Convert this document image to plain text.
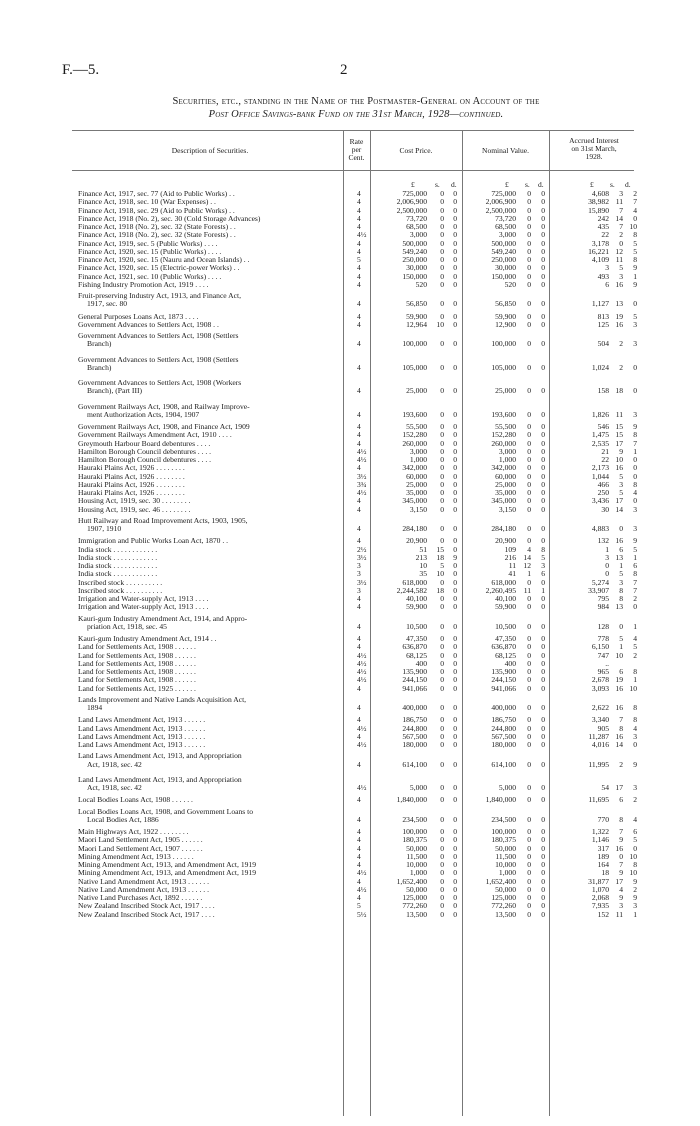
F.—5.	2
Securities, etc., standing in the Name of the Postmaster-General on Account of the
Post Office Savings-bank Fund on the 31st March, 1928—continued.
Description of Securities.
Rate
per
Cent.
Cost Price.	Nominal Value.
Accrued Interest
on 31st March,
1928.
£	s. d.	£ s. d.	£ s. d.
Finance Act, 1917, sec. 77 (Aid to Public Works) . .	4	725,000	0	0	725,000	0	0	4,608	3	2
Finance Act, 1918, sec. 10 (War Expenses) . .	4	2,006,900	0	0	2,006,900	0	0	38,982 11	7
Finance Act, 1918, sec. 29 (Aid to Public Works) . .	4	2,500,000	0	0	2,500,000	0	0	15,890	7	4
Finance Act, 1918 (No. 2), sec. 30 (Cold Storage Advances)	4	73,720	0	0	73,720	0	0	242 14	0
Finance Act, 1918 (No. 2), sec. 32 (State Forests) . .	4	68,500	0	0	68,500	0	0	435	7 10
Finance Act, 1918 (No. 2), sec. 32 (State Forests) . .	4½	3,000	0	0	3,000	0	0	22	2	8
Finance Act, 1919, sec. 5 (Public Works) . . . .	4	500,000	0	0	500,000	0	0	3,178	0	5
Finance Act, 1920, sec. 15 (Public Works) . . . .	4	549,240	0	0	549,240	0	0	16,221 12	5
Finance Act, 1920, sec. 15 (Nauru and Ocean Islands) . .	5	250,000	0	0	250,000	0	0	4,109 11	8
Finance Act, 1920, sec. 15 (Electric-power Works) . .	4	30,000	0	0	30,000	0	0	3	5	9
Finance Act, 1921, sec. 10 (Public Works) . . . .	4	150,000	0	0	150,000	0	0	493	3	1
Fishing Industry Promotion Act, 1919 . . . .	4	520	0	0	520	0	0	6 16	9
Fruit-preserving Industry Act, 1913, and Finance Act,
1917, sec. 80	4	56,850	0	0	56,850	0	0	1,127 13	0
General Purposes Loans Act, 1873 . . . .	4	59,900	0	0	59,900	0	0	813 19	5
Government Advances to Settlers Act, 1908 . .	4	12,964	10	0	12,900	0	0	125 16	3
Government Advances to Settlers Act, 1908 (Settlers
Branch)	4	100,000	0	0	100,000	0	0	504	2	3
Government Advances to Settlers Act, 1908 (Settlers
Branch)	4	105,000	0	0	105,000	0	0	1,024	2	0
Government Advances to Settlers Act, 1908 (Workers
Branch), (Part III)	4	25,000	0	0	25,000	0	0	158 18	0
Government Railways Act, 1908, and Railway Improve-
ment Authorization Acts, 1904, 1907	4	193,600	0	0	193,600	0	0	1,826 11	3
Government Railways Act, 1908, and Finance Act, 1909	4	55,500	0	0	55,500	0	0	546 15	9
Government Railways Amendment Act, 1910 . . . .	4	152,280	0	0	152,280	0	0	1,475 15	8
Greymouth Harbour Board debentures . . . .	4	260,000	0	0	260,000	0	0	2,535 17	7
Hamilton Borough Council debentures . . . .	4½	3,000	0	0	3,000	0	0	21	9	1
Hamilton Borough Council debentures . . . .	4½	1,000	0	0	1,000	0	0	22 10	0
Hauraki Plains Act, 1926 . . . . . . . .	4	342,000	0	0	342,000	0	0	2,173 16	0
Hauraki Plains Act, 1926 . . . . . . . .	3½	60,000	0	0	60,000	0	0	1,044	5	0
Hauraki Plains Act, 1926 . . . . . . . .	3¾	25,000	0	0	25,000	0	0	466	3	8
Hauraki Plains Act, 1926 . . . . . . . .	4½	35,000	0	0	35,000	0	0	250	5	4
Housing Act, 1919, sec. 30 . . . . . . . .	4	345,000	0	0	345,000	0	0	3,436 17	0
Housing Act, 1919, sec. 46 . . . . . . . .	4	3,150	0	0	3,150	0	0	30 14	3
Hutt Railway and Road Improvement Acts, 1903, 1905,
1907, 1910	4	284,180	0	0	284,180	0	0	4,883	0	3
Immigration and Public Works Loan Act, 1870 . .	4	20,900	0	0	20,900	0	0	132 16	9
India stock . . . . . . . . . . . .	2½	51	15	0	109	4	8	1	6	5
India stock . . . . . . . . . . . .	3½	213	18	9	216 14	5	3 13	1
India stock . . . . . . . . . . . .	3	10	5	0	11 12	3	0	1	6
India stock . . . . . . . . . . . .	3	35	10	0	41	1	6	0	5	8
Inscribed stock . . . . . . . . . .	3½	618,000	0	0	618,000	0	0	5,274	3	7
Inscribed stock . . . . . . . . . .	3	2,244,582	18	0	2,260,495	11	1	33,907	8	7
Irrigation and Water-supply Act, 1913 . . . .	4	40,100	0	0	40,100	0	0	795	8	2
Irrigation and Water-supply Act, 1913 . . . .	4	59,900	0	0	59,900	0	0	984 13	0
Kauri-gum Industry Amendment Act, 1914, and Appro-
priation Act, 1918, sec. 45	4	10,500	0	0	10,500	0	0	128	0	1
Kauri-gum Industry Amendment Act, 1914 . .	4	47,350	0	0	47,350	0	0	778	5	4
Land for Settlements Act, 1908 . . . . . .	4	636,870	0	0	636,870	0	0	6,150	1	5
Land for Settlements Act, 1908 . . . . . .	4½	68,125	0	0	68,125	0	0	747 10	2
Land for Settlements Act, 1908 . . . . . .	4½	400	0	0	400	0	0	..
Land for Settlements Act, 1908 . . . . . .	4½	135,900	0	0	135,900	0	0	965	6	8
Land for Settlements Act, 1908 . . . . . .	4½	244,150	0	0	244,150	0	0	2,678 19	1
Land for Settlements Act, 1925 . . . . . .	4	941,066	0	0	941,066	0	0	3,093 16 10
Lands Improvement and Native Lands Acquisition Act,
1894	4	400,000	0	0	400,000	0	0	2,622 16	8
Land Laws Amendment Act, 1913 . . . . . .	4	186,750	0	0	186,750	0	0	3,340	7	8
Land Laws Amendment Act, 1913 . . . . . .	4½	244,800	0	0	244,800	0	0	905	8	4
Land Laws Amendment Act, 1913 . . . . . .	4	567,500	0	0	567,500	0	0	11,287 16	3
Land Laws Amendment Act, 1913 . . . . . .	4½	180,000	0	0	180,000	0	0	4,016 14	0
Land Laws Amendment Act, 1913, and Appropriation
Act, 1918, sec. 42	4	614,100	0	0	614,100	0	0	11,995	2	9
Land Laws Amendment Act, 1913, and Appropriation
Act, 1918, sec. 42	4½	5,000	0	0	5,000	0	0	54 17	3
Local Bodies Loans Act, 1908 . . . . . .	4	1,840,000	0	0	1,840,000	0	0	11,695	6	2
Local Bodies Loans Act, 1908, and Government Loans to
Local Bodies Act, 1886	4	234,500	0	0	234,500	0	0	770	8	4
Main Highways Act, 1922 . . . . . . . .	4	100,000	0	0	100,000	0	0	1,322	7	6
Maori Land Settlement Act, 1905 . . . . . .	4	180,375	0	0	180,375	0	0	1,146	9	5
Maori Land Settlement Act, 1907 . . . . . .	4	50,000	0	0	50,000	0	0	317 16	0
Mining Amendment Act, 1913 . . . . . .	4	11,500	0	0	11,500	0	0	189	0 10
Mining Amendment Act, 1913, and Amendment Act, 1919	4	10,000	0	0	10,000	0	0	164	7	8
Mining Amendment Act, 1913, and Amendment Act, 1919	4½	1,000	0	0	1,000	0	0	18	9 10
Native Land Amendment Act, 1913 . . . . . .	4	1,652,400	0	0	1,652,400	0	0	31,877 17	9
Native Land Amendment Act, 1913 . . . . . .	4½	50,000	0	0	50,000	0	0	1,070	4	2
Native Land Purchases Act, 1892 . . . . . .	4	125,000	0	0	125,000	0	0	2,068	9	9
New Zealand Inscribed Stock Act, 1917 . . . .	5	772,260	0	0	772,260	0	0	7,935	3	3
New Zealand Inscribed Stock Act, 1917 . . . .	5½	13,500	0	0	13,500	0	0	152 11	1
